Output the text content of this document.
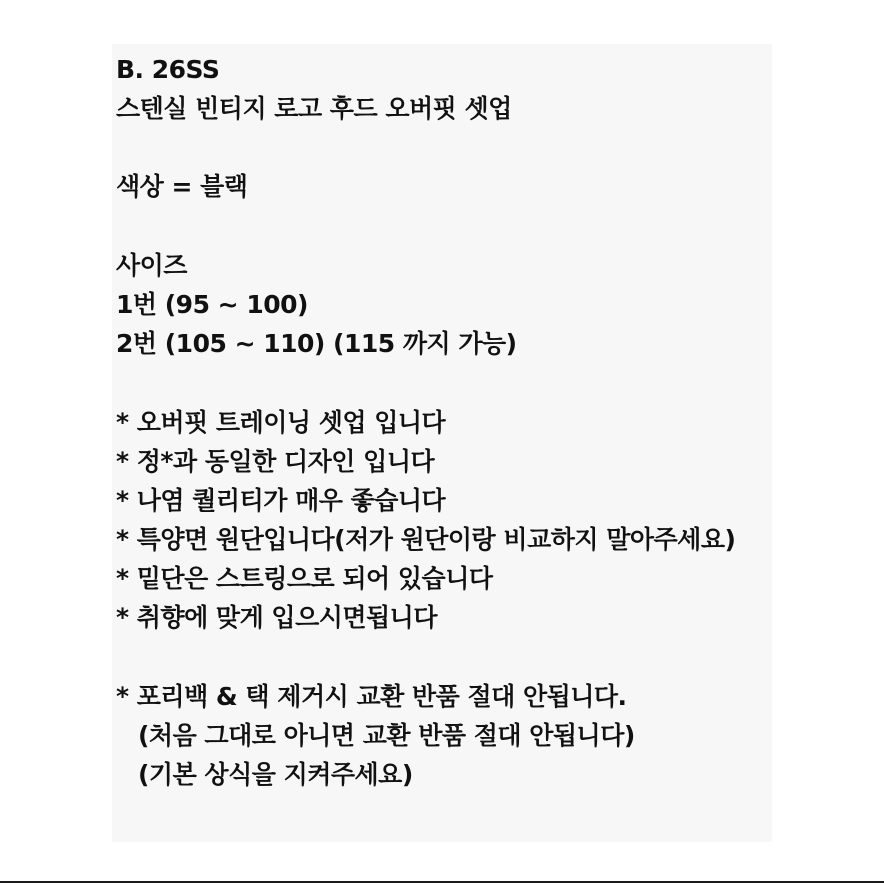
B. 26SS
스텐실 빈티지 로고 후드 오버핏 셋업
색상 = 블랙
사이즈
1번 (95 ~ 100)
2번 (105 ~ 110) (115 까지 가능)
* 오버핏 트레이닝 셋업 입니다
* 정*과 동일한 디자인 입니다
* 나염 퀄리티가 매우 좋습니다
* 특양면 원단입니다(저가 원단이랑 비교하지 말아주세요)
* 밑단은 스트링으로 되어 있습니다
* 취향에 맞게 입으시면됩니다
* 포리백 & 택 제거시 교환 반품 절대 안됩니다.
(처음 그대로 아니면 교환 반품 절대 안됩니다)
(기본 상식을 지켜주세요)
